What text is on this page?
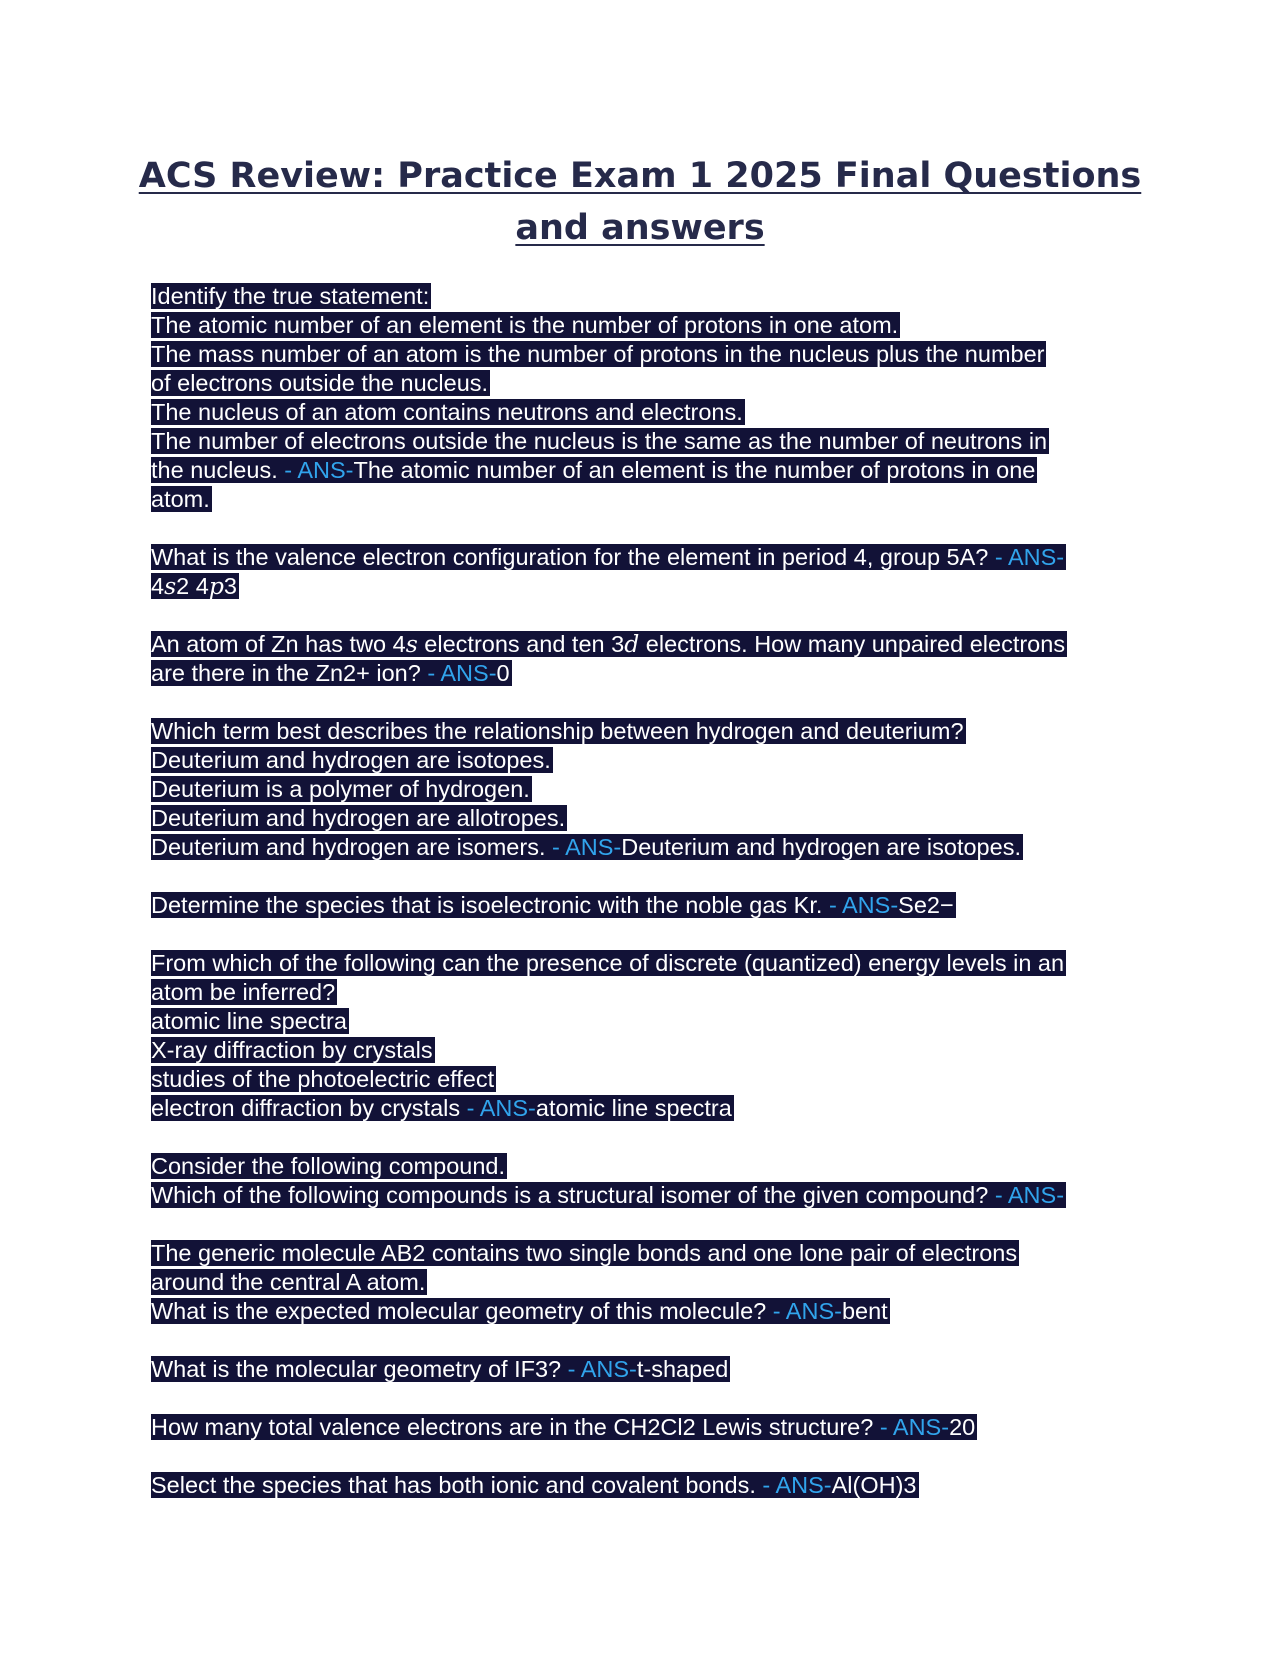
ACS Review: Practice Exam 1 2025 Final Questions
and answers
Identify the true statement:
The atomic number of an element is the number of protons in one atom.
The mass number of an atom is the number of protons in the nucleus plus the number
of electrons outside the nucleus.
The nucleus of an atom contains neutrons and electrons.
The number of electrons outside the nucleus is the same as the number of neutrons in
the nucleus. - ANS-The atomic number of an element is the number of protons in one
atom.
What is the valence electron configuration for the element in period 4, group 5A? - ANS-
4s2 4p3
An atom of Zn has two 4s electrons and ten 3d electrons. How many unpaired electrons
are there in the Zn2+ ion? - ANS-0
Which term best describes the relationship between hydrogen and deuterium?
Deuterium and hydrogen are isotopes.
Deuterium is a polymer of hydrogen.
Deuterium and hydrogen are allotropes.
Deuterium and hydrogen are isomers. - ANS-Deuterium and hydrogen are isotopes.
Determine the species that is isoelectronic with the noble gas Kr. - ANS-Se2−
From which of the following can the presence of discrete (quantized) energy levels in an
atom be inferred?
atomic line spectra
X-ray diffraction by crystals
studies of the photoelectric effect
electron diffraction by crystals - ANS-atomic line spectra
Consider the following compound.
Which of the following compounds is a structural isomer of the given compound? - ANS-
The generic molecule AB2 contains two single bonds and one lone pair of electrons
around the central A atom.
What is the expected molecular geometry of this molecule? - ANS-bent
What is the molecular geometry of IF3? - ANS-t-shaped
How many total valence electrons are in the CH2Cl2 Lewis structure? - ANS-20
Select the species that has both ionic and covalent bonds. - ANS-Al(OH)3
